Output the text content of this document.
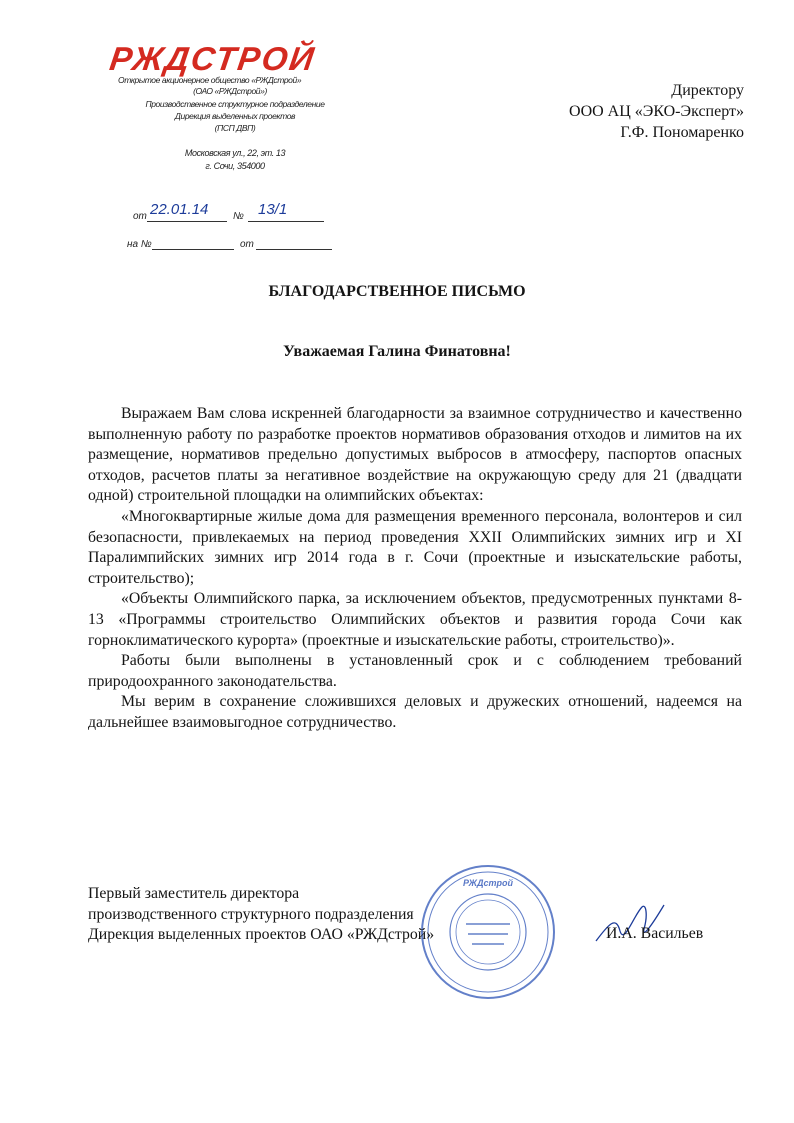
РЖДСТРОЙ
Открытое акционерное общество «РЖДстрой»
(ОАО «РЖДстрой»)
Производственное структурное подразделение
Дирекция выделенных проектов
(ПСП ДВП)
Московская ул., 22, эт. 13
г. Сочи, 354000
от 22.01.14 № 13/1
на №	от
Директору
ООО АЦ «ЭКО-Эксперт»
Г.Ф. Пономаренко
БЛАГОДАРСТВЕННОЕ ПИСЬМО
Уважаемая Галина Финатовна!

Выражаем Вам слова искренней благодарности за взаимное сотрудничество и качественно выполненную работу по разработке проектов нормативов образования отходов и лимитов на их размещение, нормативов предельно допустимых выбросов в атмосферу, паспортов опасных отходов, расчетов платы за негативное воздействие на окружающую среду для 21 (двадцати одной) строительной площадки на олимпийских объектах:

«Многоквартирные жилые дома для размещения временного персонала, волонтеров и сил безопасности, привлекаемых на период проведения XXII Олимпийских зимних игр и XI Паралимпийских зимних игр 2014 года в г. Сочи (проектные и изыскательские работы, строительство);

«Объекты Олимпийского парка, за исключением объектов, предусмотренных пунктами 8-13 «Программы строительство Олимпийских объектов и развития города Сочи как горноклиматического курорта» (проектные и изыскательские работы, строительство)».

Работы были выполнены в установленный срок и с соблюдением требований природоохранного законодательства.

Мы верим в сохранение сложившихся деловых и дружеских отношений, надеемся на дальнейшее взаимовыгодное сотрудничество.

РЖДстрой
Первый заместитель директора
производственного структурного подразделения
Дирекция выделенных проектов ОАО «РЖДстрой»	И.А. Васильев
